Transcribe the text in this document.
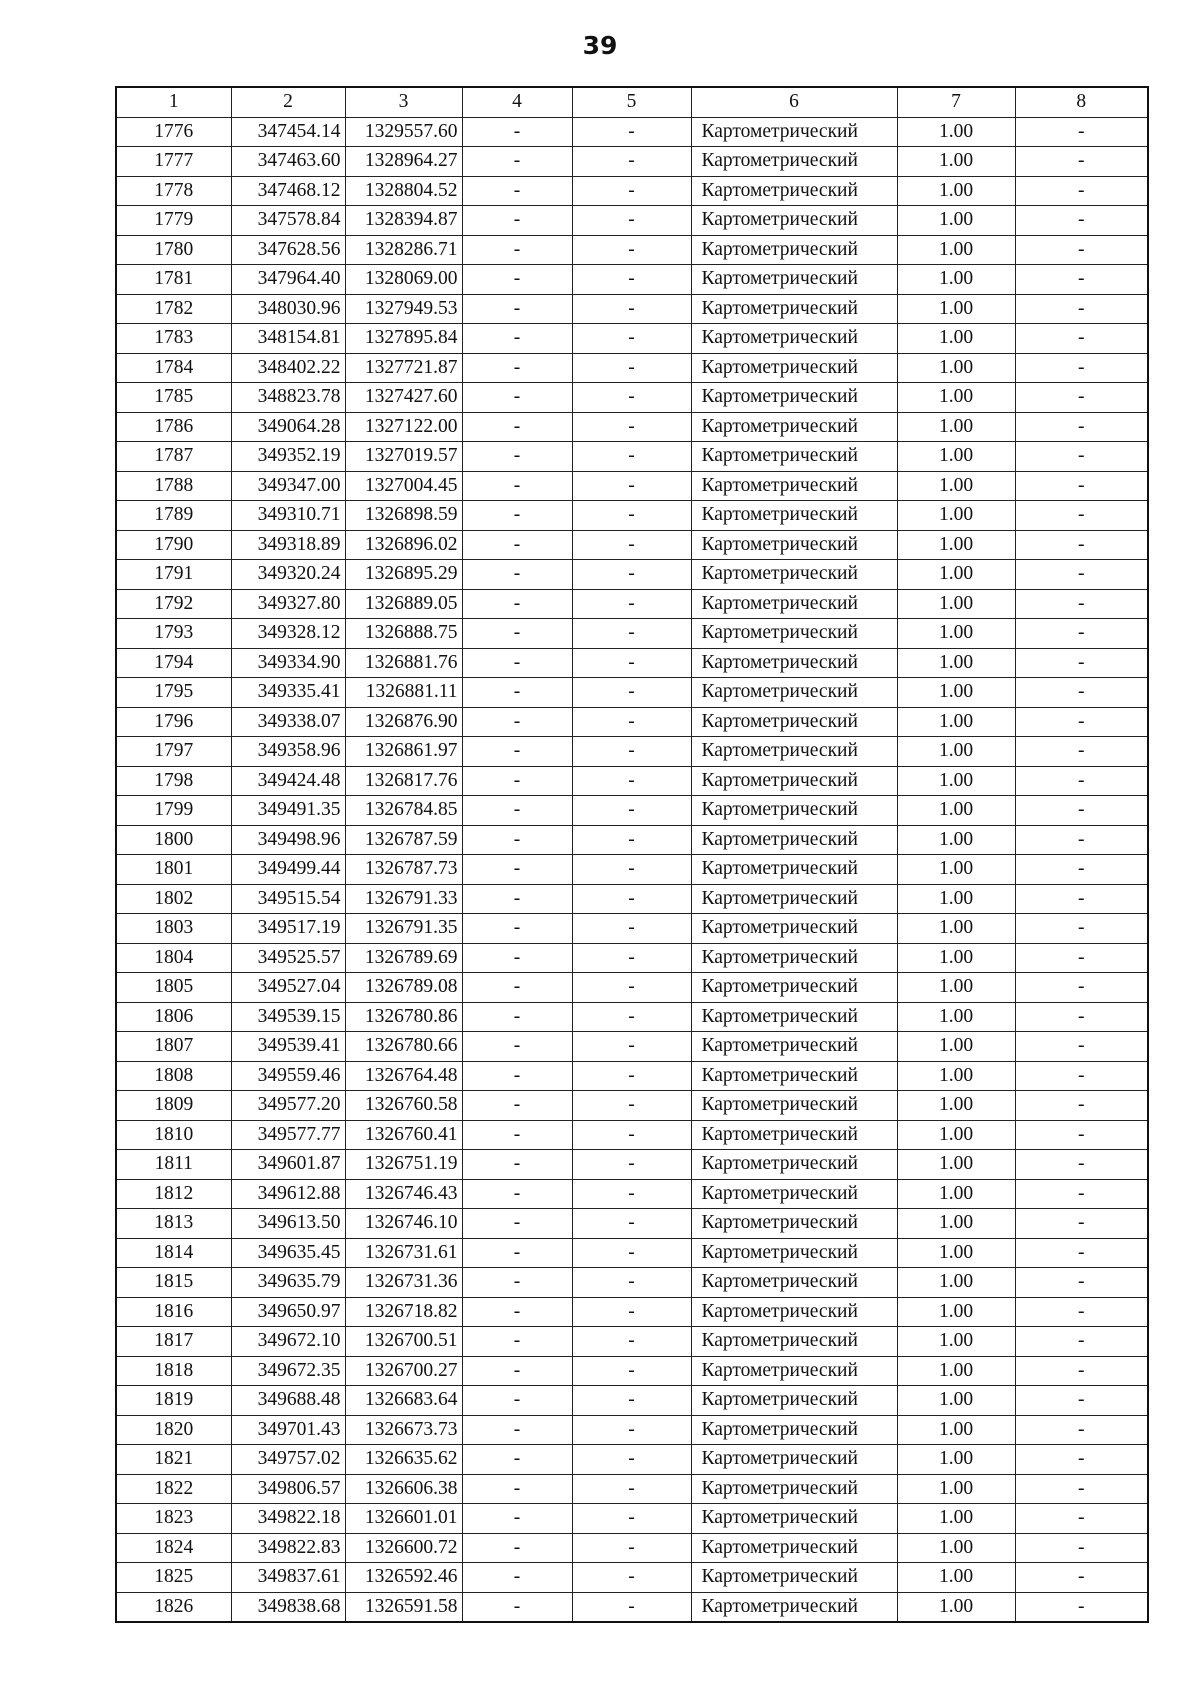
39
1	2	3	4	5	6	7	8
1776	347454.14	1329557.60	-	-	Картометрический	1.00	-
1777	347463.60	1328964.27	-	-	Картометрический	1.00	-
1778	347468.12	1328804.52	-	-	Картометрический	1.00	-
1779	347578.84	1328394.87	-	-	Картометрический	1.00	-
1780	347628.56	1328286.71	-	-	Картометрический	1.00	-
1781	347964.40	1328069.00	-	-	Картометрический	1.00	-
1782	348030.96	1327949.53	-	-	Картометрический	1.00	-
1783	348154.81	1327895.84	-	-	Картометрический	1.00	-
1784	348402.22	1327721.87	-	-	Картометрический	1.00	-
1785	348823.78	1327427.60	-	-	Картометрический	1.00	-
1786	349064.28	1327122.00	-	-	Картометрический	1.00	-
1787	349352.19	1327019.57	-	-	Картометрический	1.00	-
1788	349347.00	1327004.45	-	-	Картометрический	1.00	-
1789	349310.71	1326898.59	-	-	Картометрический	1.00	-
1790	349318.89	1326896.02	-	-	Картометрический	1.00	-
1791	349320.24	1326895.29	-	-	Картометрический	1.00	-
1792	349327.80	1326889.05	-	-	Картометрический	1.00	-
1793	349328.12	1326888.75	-	-	Картометрический	1.00	-
1794	349334.90	1326881.76	-	-	Картометрический	1.00	-
1795	349335.41	1326881.11	-	-	Картометрический	1.00	-
1796	349338.07	1326876.90	-	-	Картометрический	1.00	-
1797	349358.96	1326861.97	-	-	Картометрический	1.00	-
1798	349424.48	1326817.76	-	-	Картометрический	1.00	-
1799	349491.35	1326784.85	-	-	Картометрический	1.00	-
1800	349498.96	1326787.59	-	-	Картометрический	1.00	-
1801	349499.44	1326787.73	-	-	Картометрический	1.00	-
1802	349515.54	1326791.33	-	-	Картометрический	1.00	-
1803	349517.19	1326791.35	-	-	Картометрический	1.00	-
1804	349525.57	1326789.69	-	-	Картометрический	1.00	-
1805	349527.04	1326789.08	-	-	Картометрический	1.00	-
1806	349539.15	1326780.86	-	-	Картометрический	1.00	-
1807	349539.41	1326780.66	-	-	Картометрический	1.00	-
1808	349559.46	1326764.48	-	-	Картометрический	1.00	-
1809	349577.20	1326760.58	-	-	Картометрический	1.00	-
1810	349577.77	1326760.41	-	-	Картометрический	1.00	-
1811	349601.87	1326751.19	-	-	Картометрический	1.00	-
1812	349612.88	1326746.43	-	-	Картометрический	1.00	-
1813	349613.50	1326746.10	-	-	Картометрический	1.00	-
1814	349635.45	1326731.61	-	-	Картометрический	1.00	-
1815	349635.79	1326731.36	-	-	Картометрический	1.00	-
1816	349650.97	1326718.82	-	-	Картометрический	1.00	-
1817	349672.10	1326700.51	-	-	Картометрический	1.00	-
1818	349672.35	1326700.27	-	-	Картометрический	1.00	-
1819	349688.48	1326683.64	-	-	Картометрический	1.00	-
1820	349701.43	1326673.73	-	-	Картометрический	1.00	-
1821	349757.02	1326635.62	-	-	Картометрический	1.00	-
1822	349806.57	1326606.38	-	-	Картометрический	1.00	-
1823	349822.18	1326601.01	-	-	Картометрический	1.00	-
1824	349822.83	1326600.72	-	-	Картометрический	1.00	-
1825	349837.61	1326592.46	-	-	Картометрический	1.00	-
1826	349838.68	1326591.58	-	-	Картометрический	1.00	-
